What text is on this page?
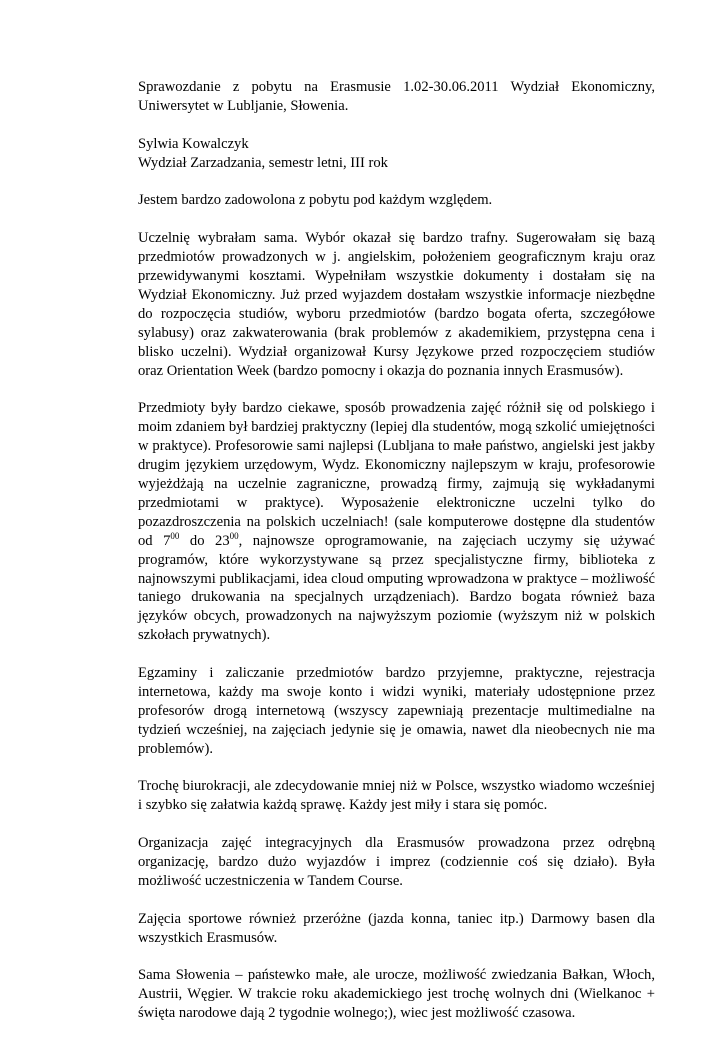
Sprawozdanie z pobytu na Erasmusie 1.02-30.06.2011 Wydział Ekonomiczny, Uniwersytet w Lublјanie, Słowenia.

Sylwia Kowalczyk
Wydział Zarzadzania, semestr letni, III rok

Jestem bardzo zadowolona z pobytu pod każdym względem.

Uczelnię wybrałam sama. Wybór okazał się bardzo trafny. Sugerowałam się bazą przedmiotów prowadzonych w j. angielskim, położeniem geograficznym kraju oraz przewidywanymi kosztami. Wypełniłam wszystkie dokumenty i dostałam się na Wydział Ekonomiczny. Już przed wyjazdem dostałam wszystkie informacje niezbędne do rozpoczęcia studiów, wyboru przedmiotów (bardzo bogata oferta, szczegółowe sylabusy) oraz zakwaterowania (brak problemów z akademikiem, przystępna cena i blisko uczelni). Wydział organizował Kursy Językowe przed rozpoczęciem studiów oraz Orientation Week (bardzo pomocny i okazja do poznania innych Erasmusów).

Przedmioty były bardzo ciekawe, sposób prowadzenia zajęć różnił się od polskiego i moim zdaniem był bardziej praktyczny (lepiej dla studentów, mogą szkolić umiejętności w praktyce). Profesorowie sami najlepsi (Lublјana to małe państwo, angielski jest jakby drugim językiem urzędowym, Wydz. Ekonomiczny najlepszym w kraju, profesorowie wyjeżdżają na uczelnie zagraniczne, prowadzą firmy, zajmują się wykładanymi przedmiotami w praktyce). Wyposażenie elektroniczne uczelni tylko do pozazdroszczenia na polskich uczelniach! (sale komputerowe dostępne dla studentów od $7^{00}$ do $23^{00}$, najnowsze oprogramowanie, na zajęciach uczymy się używać programów, które wykorzystywane są przez specjalistyczne firmy, biblioteka z najnowszymi publikacjami, idea cloud omputing wprowadzona w praktyce – możliwość taniego drukowania na specjalnych urządzeniach). Bardzo bogata również baza języków obcych, prowadzonych na najwyższym poziomie (wyższym niż w polskich szkołach prywatnych).

Egzaminy i zaliczanie przedmiotów bardzo przyjemne, praktyczne, rejestracja internetowa, każdy ma swoje konto i widzi wyniki, materiały udostępnione przez profesorów drogą internetową (wszyscy zapewniają prezentacje multimedialne na tydzień wcześniej, na zajęciach jedynie się je omawia, nawet dla nieobecnych nie ma problemów).

Trochę biurokracji, ale zdecydowanie mniej niż w Polsce, wszystko wiadomo wcześniej i szybko się załatwia każdą sprawę. Każdy jest miły i stara się pomóc.

Organizacja zajęć integracyjnych dla Erasmusów prowadzona przez odrębną organizację, bardzo dużo wyjazdów i imprez (codziennie coś się działo). Była możliwość uczestniczenia w Tandem Course.

Zajęcia sportowe również przeróżne (jazda konna, taniec itp.) Darmowy basen dla wszystkich Erasmusów.

Sama Słowenia – państewko małe, ale urocze, możliwość zwiedzania Bałkan, Włoch, Austrii, Węgier. W trakcie roku akademickiego jest trochę wolnych dni (Wielkanoc + święta narodowe dają 2 tygodnie wolnego;), wiec jest możliwość czasowa.
